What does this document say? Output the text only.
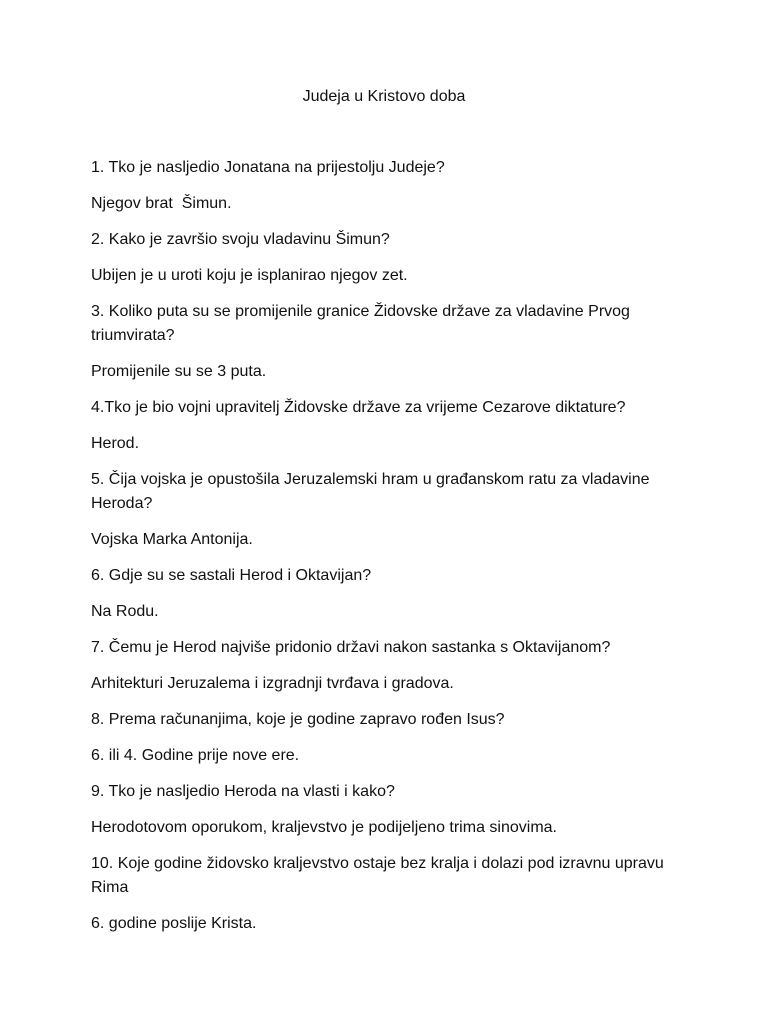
Judeja u Kristovo doba
1. Tko je nasljedio Jonatana na prijestolju Judeje?
Njegov brat  Šimun.
2. Kako je završio svoju vladavinu Šimun?
Ubijen je u uroti koju je isplanirao njegov zet.
3. Koliko puta su se promijenile granice Židovske države za vladavine Prvog triumvirata?
Promijenile su se 3 puta.
4.Tko je bio vojni upravitelj Židovske države za vrijeme Cezarove diktature?
Herod.
5. Čija vojska je opustošila Jeruzalemski hram u građanskom ratu za vladavine Heroda?
Vojska Marka Antonija.
6. Gdje su se sastali Herod i Oktavijan?
Na Rodu.
7. Čemu je Herod najviše pridonio državi nakon sastanka s Oktavijanom?
Arhitekturi Jeruzalema i izgradnji tvrđava i gradova.
8. Prema računanjima, koje je godine zapravo rođen Isus?
6. ili 4. Godine prije nove ere.
9. Tko je nasljedio Heroda na vlasti i kako?
Herodotovom oporukom, kraljevstvo je podijeljeno trima sinovima.
10. Koje godine židovsko kraljevstvo ostaje bez kralja i dolazi pod izravnu upravu Rima
6. godine poslije Krista.
